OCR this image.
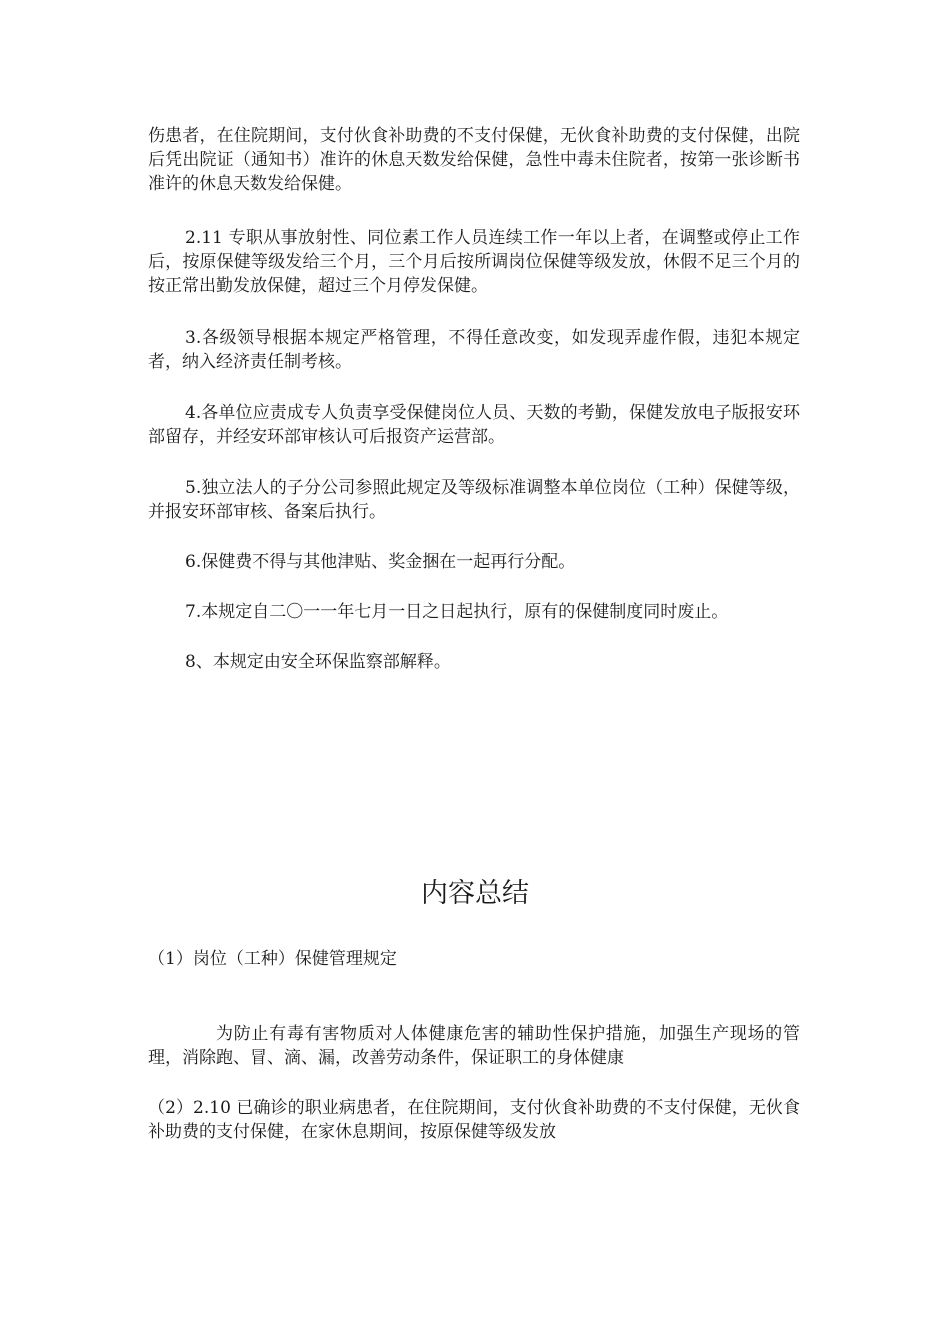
伤患者，在住院期间，支付伙食补助费的不支付保健，无伙食补助费的支付保健，出院后凭出院证（通知书）准许的休息天数发给保健，急性中毒未住院者，按第一张诊断书准许的休息天数发给保健。

2.11 专职从事放射性、同位素工作人员连续工作一年以上者，在调整或停止工作后，按原保健等级发给三个月，三个月后按所调岗位保健等级发放，休假不足三个月的按正常出勤发放保健，超过三个月停发保健。

3.各级领导根据本规定严格管理，不得任意改变，如发现弄虚作假，违犯本规定者，纳入经济责任制考核。

4.各单位应责成专人负责享受保健岗位人员、天数的考勤，保健发放电子版报安环部留存，并经安环部审核认可后报资产运营部。

5.独立法人的子分公司参照此规定及等级标准调整本单位岗位（工种）保健等级，并报安环部审核、备案后执行。

6.保健费不得与其他津贴、奖金捆在一起再行分配。

7.本规定自二〇一一年七月一日之日起执行，原有的保健制度同时废止。

8、本规定由安全环保监察部解释。

内容总结

（1）岗位（工种）保健管理规定

为防止有毒有害物质对人体健康危害的辅助性保护措施，加强生产现场的管理，消除跑、冒、滴、漏，改善劳动条件，保证职工的身体健康

（2）2.10 已确诊的职业病患者，在住院期间，支付伙食补助费的不支付保健，无伙食补助费的支付保健，在家休息期间，按原保健等级发放
